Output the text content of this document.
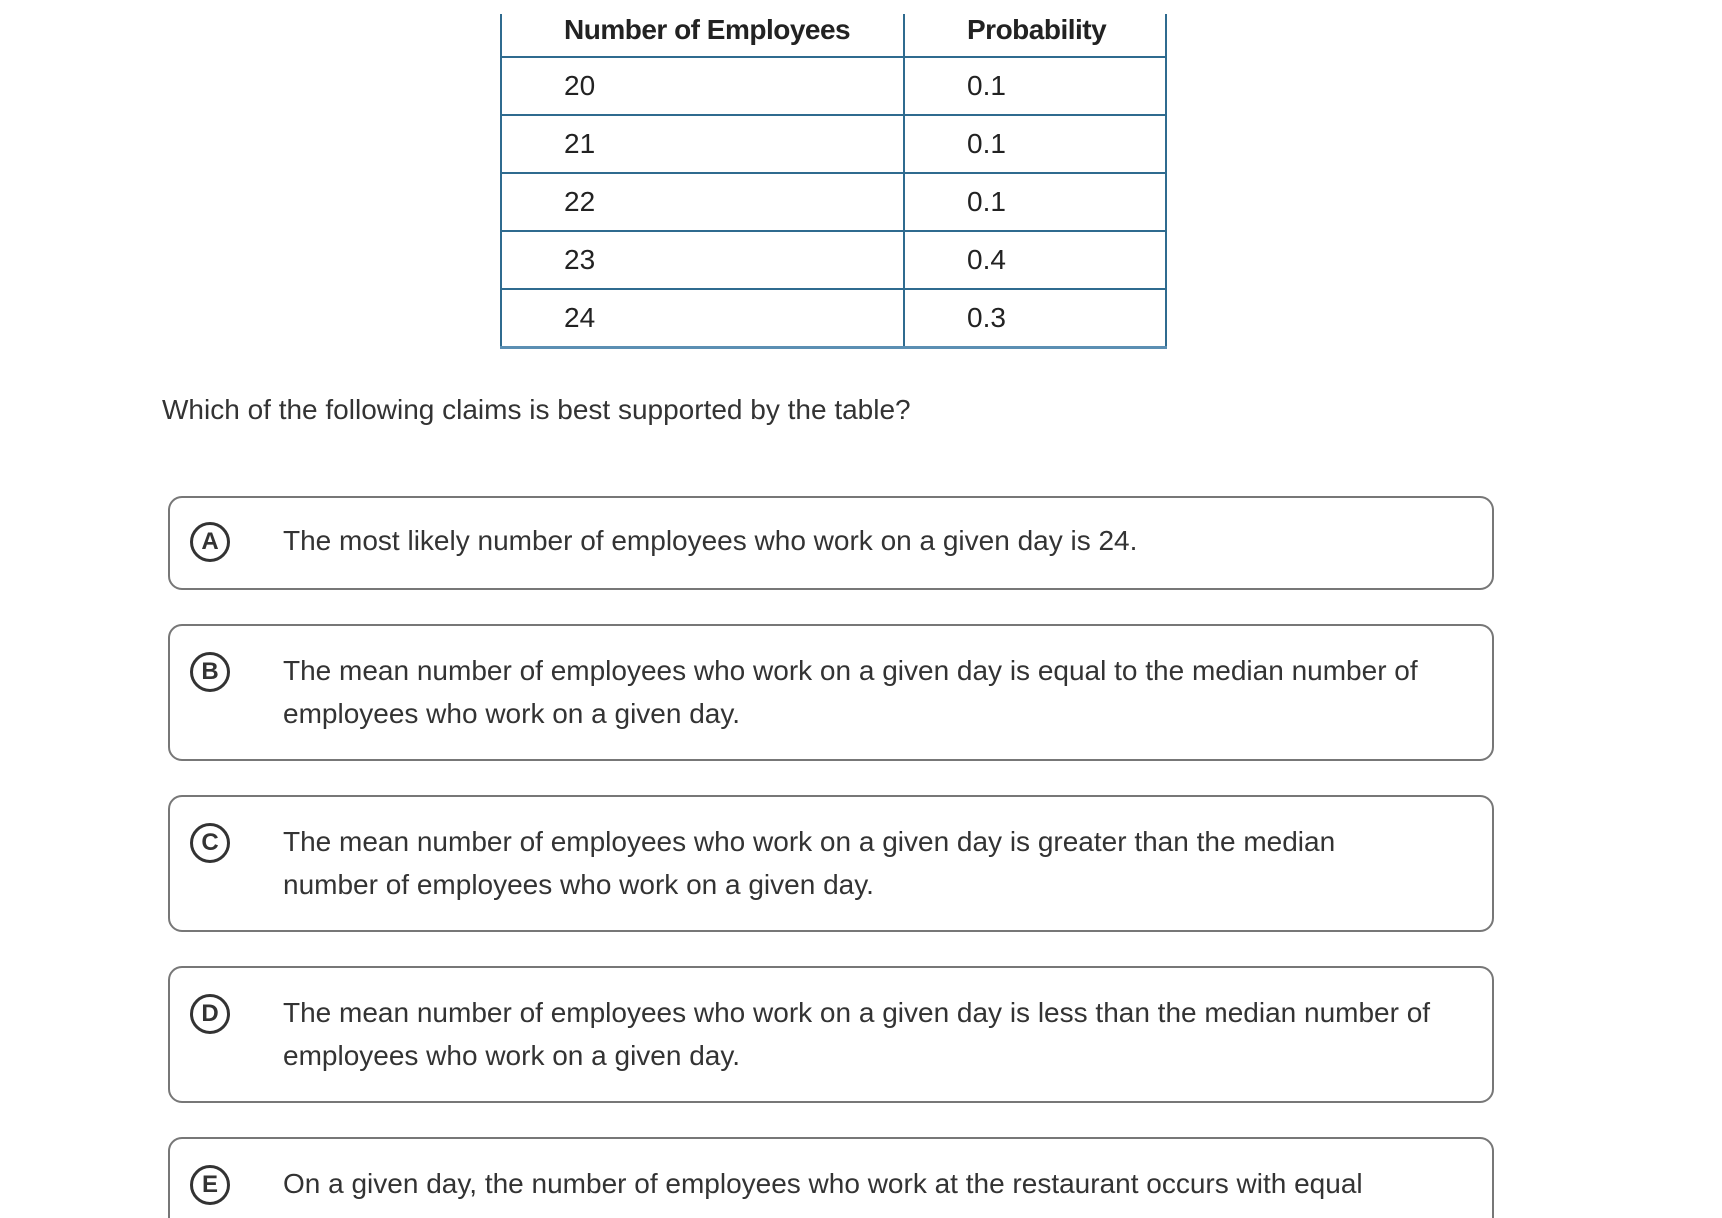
Number of Employees	Probability
20	0.1
21	0.1
22	0.1
23	0.4
24	0.3
Which of the following claims is best supported by the table?
A	The most likely number of employees who work on a given day is 24.
B	The mean number of employees who work on a given day is equal to the median number of employees who work on a given day.
C	The mean number of employees who work on a given day is greater than the median number of employees who work on a given day.
D	The mean number of employees who work on a given day is less than the median number of employees who work on a given day.
E	On a given day, the number of employees who work at the restaurant occurs with equal
